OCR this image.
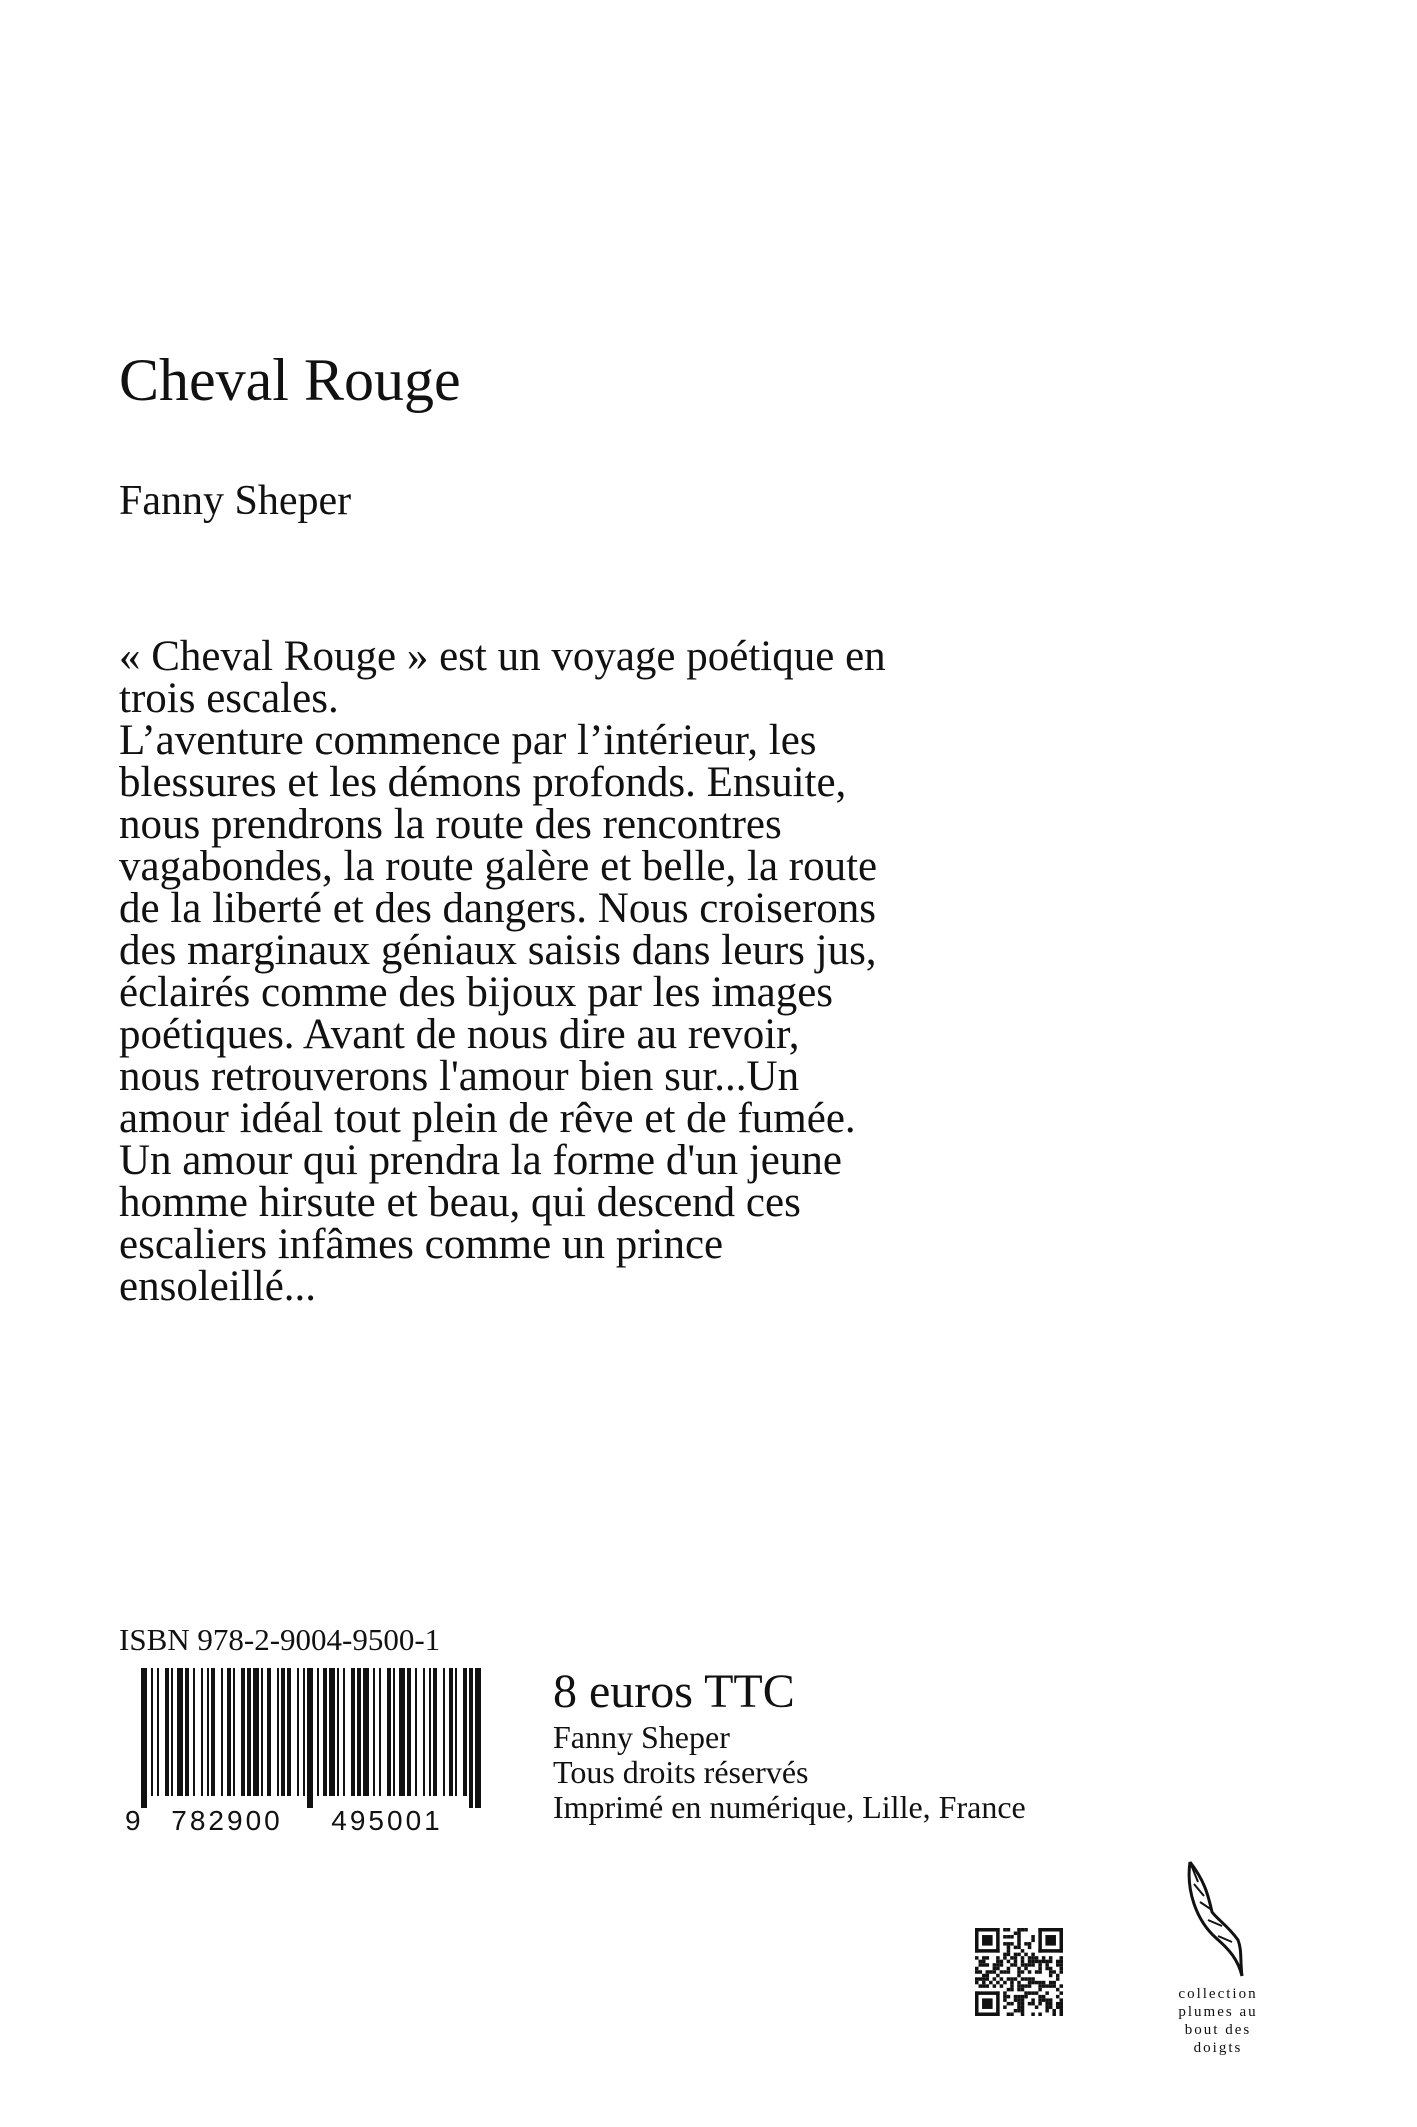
Cheval Rouge
Fanny Sheper
« Cheval Rouge » est un voyage poétique en
trois escales.
L’aventure commence par l’intérieur, les
blessures et les démons profonds. Ensuite,
nous prendrons la route des rencontres
vagabondes, la route galère et belle, la route
de la liberté et des dangers. Nous croiserons
des marginaux géniaux saisis dans leurs jus,
éclairés comme des bijoux par les images
poétiques. Avant de nous dire au revoir,
nous retrouverons l'amour bien sur...Un
amour idéal tout plein de rêve et de fumée.
Un amour qui prendra la forme d'un jeune
homme hirsute et beau, qui descend ces
escaliers infâmes comme un prince
ensoleillé...
ISBN 978-2-9004-9500-1
9 782900 495001
8 euros TTC
Fanny Sheper
Tous droits réservés
Imprimé en numérique, Lille, France
collection
plumes au
bout des
doigts
